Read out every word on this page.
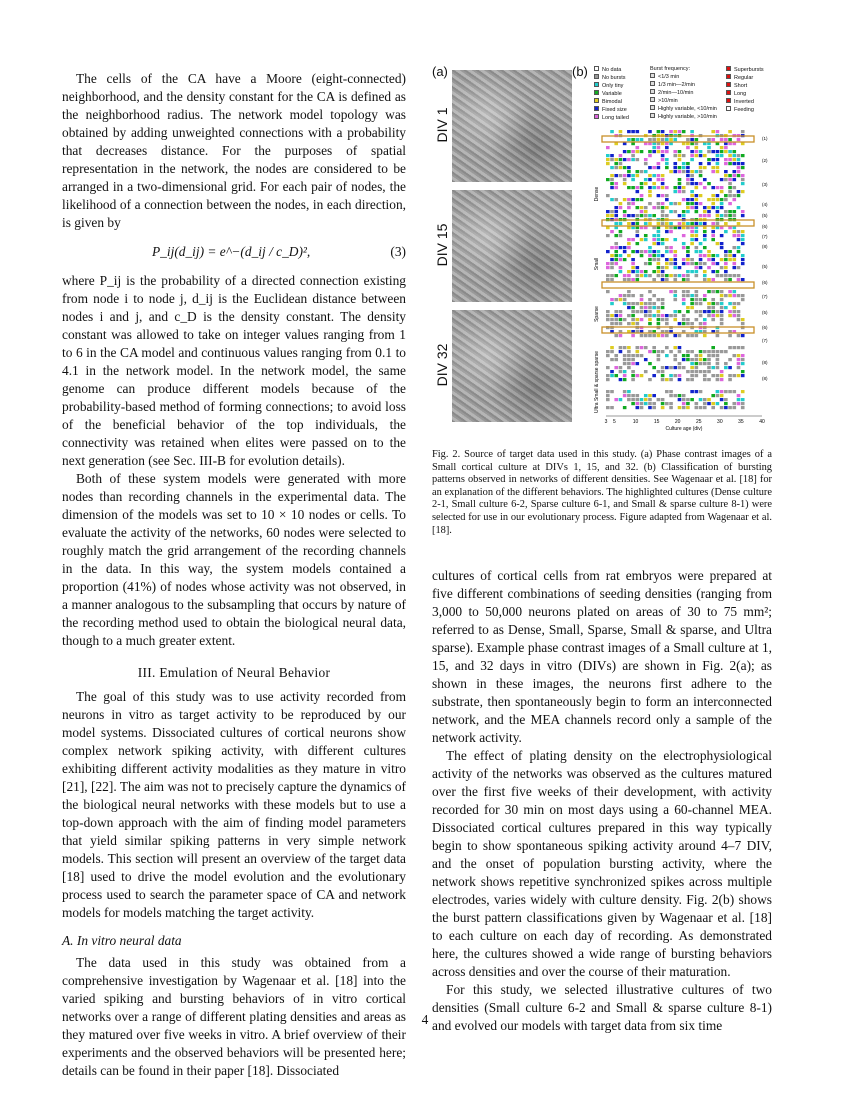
The cells of the CA have a Moore (eight-connected) neighborhood, and the density constant for the CA is defined as the neighborhood radius. The network model topology was obtained by adding unweighted connections with a probability that decreases distance. For the purposes of spatial representation in the network, the nodes are considered to be arranged in a two-dimensional grid. For each pair of nodes, the likelihood of a connection between the nodes, in each direction, is given by

P_ij(d_ij) = e^−(d_ij / c_D)²,	(3)

where P_ij is the probability of a directed connection existing from node i to node j, d_ij is the Euclidean distance between nodes i and j, and c_D is the density constant. The density constant was allowed to take on integer values ranging from 1 to 6 in the CA model and continuous values ranging from 0.1 to 4.1 in the network model. In the network model, the same genome can produce different models because of the probability-based method of forming connections; to avoid loss of the beneficial behavior of the top individuals, the connectivity was retained when elites were passed on to the next generation (see Sec. III-B for evolution details).

Both of these system models were generated with more nodes than recording channels in the experimental data. The dimension of the models was set to 10 × 10 nodes or cells. To evaluate the activity of the networks, 60 nodes were selected to roughly match the grid arrangement of the recording channels in the data. In this way, the system models contained a proportion (41%) of nodes whose activity was not observed, in a manner analogous to the subsampling that occurs by nature of the recording method used to obtain the biological neural data, though to a much greater extent.

III. Emulation of Neural Behavior

The goal of this study was to use activity recorded from neurons in vitro as target activity to be reproduced by our model systems. Dissociated cultures of cortical neurons show complex network spiking activity, with different cultures exhibiting different activity modalities as they mature in vitro [21], [22]. The aim was not to precisely capture the dynamics of the biological neural networks with these models but to use a top-down approach with the aim of finding model parameters that yield similar spiking patterns in very simple network models. This section will present an overview of the target data [18] used to drive the model evolution and the evolutionary process used to search the parameter space of CA and network models for models matching the target activity.

A. In vitro neural data

The data used in this study was obtained from a comprehensive investigation by Wagenaar et al. [18] into the varied spiking and bursting behaviors of in vitro cortical networks over a range of different plating densities and areas as they matured over five weeks in vitro. A brief overview of their experiments and the observed behaviors will be presented here; details can be found in their paper [18]. Dissociated

(a)	(b)
DIV 1
DIV 15
DIV 32
No data
No bursts
Only tiny
Variable
Bimodal
Fixed size
Long tailed
Burst frequency:
<1/3 min
1/3 min—2/min
2/min—10/min
>10/min
Highly variable, <10/min
Highly variable, >10/min
Superbursts
Regular
Short
Long
Inverted
Feeding
Dense
Small
Sparse
Ultra Small & sparse sparse
(1)
(2)
(3)
(4)
(5)
(6)
(7)
(8)
(5)
(6)
(7)
(5)
(6)
(7)
(8)
(8)
3 5	10	15	20	25	30	35	40
Culture age (div)
Fig. 2. Source of target data used in this study. (a) Phase contrast images of a Small cortical culture at DIVs 1, 15, and 32. (b) Classification of bursting patterns observed in networks of different densities. See Wagenaar et al. [18] for an explanation of the different behaviors. The highlighted cultures (Dense culture 2-1, Small culture 6-2, Sparse culture 6-1, and Small & sparse culture 8-1) were selected for use in our evolutionary process. Figure adapted from Wagenaar et al. [18].

cultures of cortical cells from rat embryos were prepared at five different combinations of seeding densities (ranging from 3,000 to 50,000 neurons plated on areas of 30 to 75 mm²; referred to as Dense, Small, Sparse, Small & sparse, and Ultra sparse). Example phase contrast images of a Small culture at 1, 15, and 32 days in vitro (DIVs) are shown in Fig. 2(a); as shown in these images, the neurons first adhere to the substrate, then spontaneously begin to form an interconnected network, and the MEA channels record only a sample of the network activity.

The effect of plating density on the electrophysiological activity of the networks was observed as the cultures matured over the first five weeks of their development, with activity recorded for 30 min on most days using a 60-channel MEA. Dissociated cortical cultures prepared in this way typically begin to show spontaneous spiking activity around 4–7 DIV, and the onset of population bursting activity, where the network shows repetitive synchronized spikes across multiple electrodes, varies widely with culture density. Fig. 2(b) shows the burst pattern classifications given by Wagenaar et al. [18] to each culture on each day of recording. As demonstrated here, the cultures showed a wide range of bursting behaviors across densities and over the course of their maturation.

For this study, we selected illustrative cultures of two densities (Small culture 6-2 and Small & sparse culture 8-1) and evolved our models with target data from six time

4
